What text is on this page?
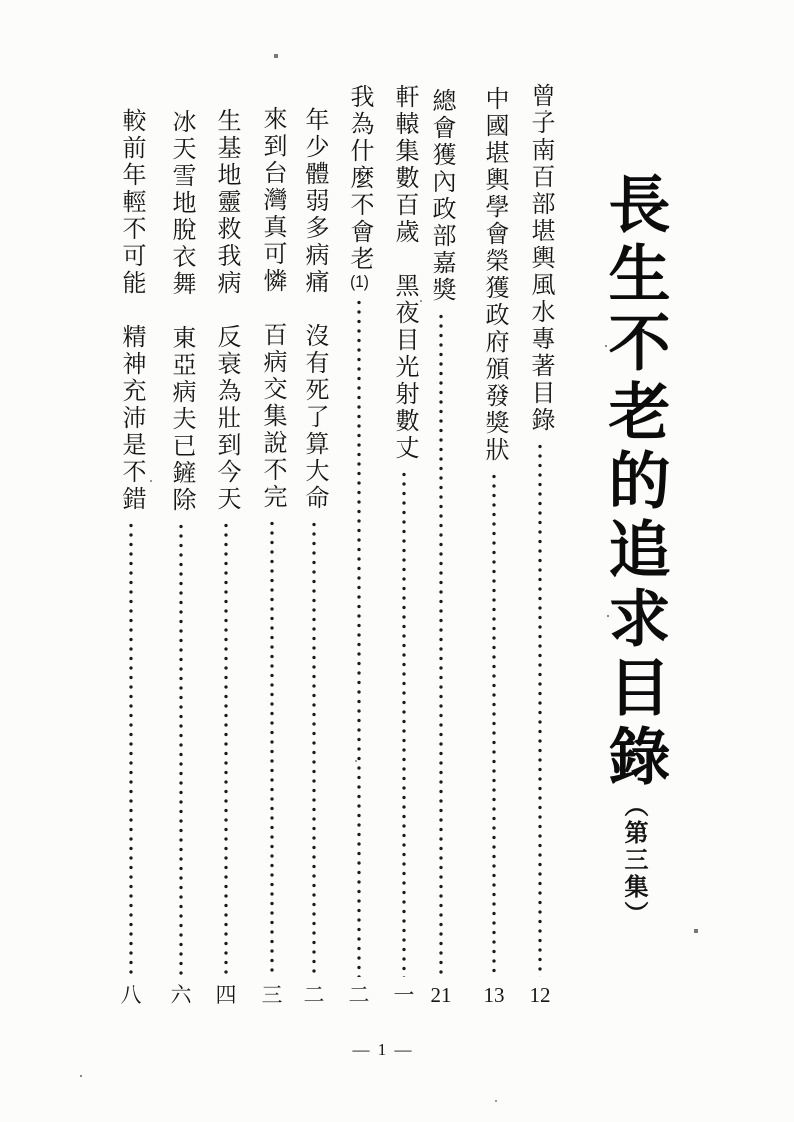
長生不老的追求目錄（第三集）
曾子南百部堪輿風水專著目錄
12
中國堪輿學會榮獲政府頒發獎狀
13
總會獲內政部嘉獎
21
軒轅集數百歲　黑夜目光射數丈
一
我為什麼不會老(1)
二
年少體弱多病痛　沒有死了算大命
二
來到台灣真可憐　百病交集說不完
三
生基地靈救我病　反衰為壯到今天
四
冰天雪地脫衣舞　東亞病夫已鏟除
六
較前年輕不可能　精神充沛是不錯
八
— 1 —
